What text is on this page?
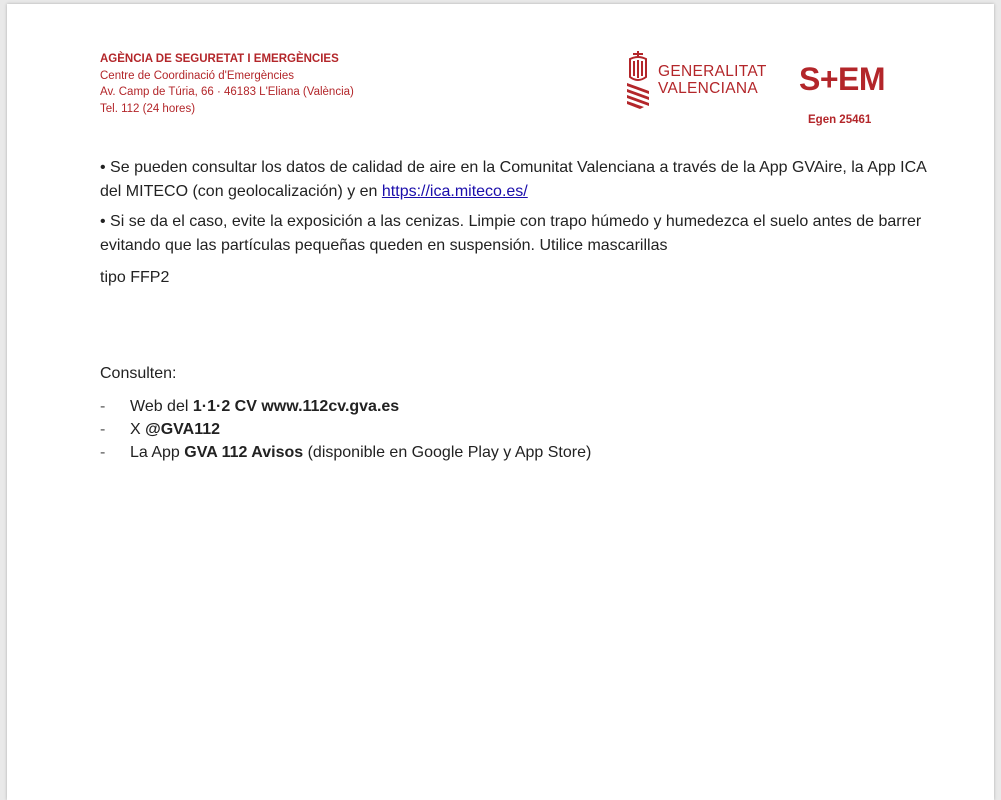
AGÈNCIA DE SEGURETAT I EMERGÈNCIES
Centre de Coordinació d'Emergències
Av. Camp de Túria, 66 · 46183 L'Eliana (València)
Tel. 112 (24 hores)
GENERALITAT
VALENCIANA S+EM
Egen 25461
• Se pueden consultar los datos de calidad de aire en la Comunitat Valenciana a través de la App GVAire, la App ICA del MITECO (con geolocalización) y en https://ica.miteco.es/
• Si se da el caso, evite la exposición a las cenizas. Limpie con trapo húmedo y humedezca el suelo antes de barrer evitando que las partículas pequeñas queden en suspensión. Utilice mascarillas
tipo FFP2
Consulten:
-	Web del 1·1·2 CV www.112cv.gva.es
-	X @GVA112
-	La App GVA 112 Avisos (disponible en Google Play y App Store)
